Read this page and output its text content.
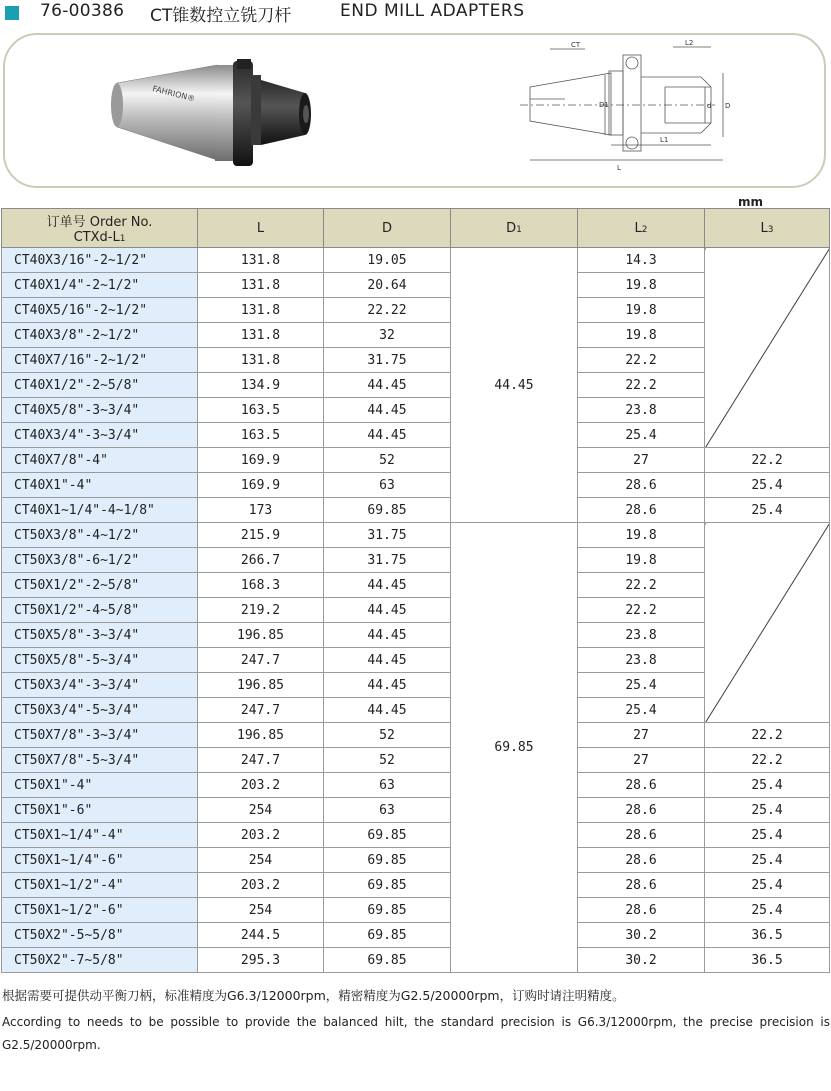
76-00386 CT锥数控立铣刀杆	END MILL ADAPTERS
FAHRION®
CT	L2
D1	d D
L1
L
mm
订单号 Order No.
CTXd-L1	L	D	D1	L2	L3
CT40X3/16"-2~1/2"	131.8	19.05	44.45	14.3	
CT40X1/4"-2~1/2"	131.8	20.64		19.8	
CT40X5/16"-2~1/2"	131.8	22.22		19.8	
CT40X3/8"-2~1/2"	131.8	32		19.8	
CT40X7/16"-2~1/2"	131.8	31.75		22.2	
CT40X1/2"-2~5/8"	134.9	44.45		22.2	
CT40X5/8"-3~3/4"	163.5	44.45		23.8	
CT40X3/4"-3~3/4"	163.5	44.45		25.4	
CT40X7/8"-4"	169.9	52		27	22.2
CT40X1"-4"	169.9	63		28.6	25.4
CT40X1~1/4"-4~1/8"	173	69.85		28.6	25.4
CT50X3/8"-4~1/2"	215.9	31.75	69.85	19.8	
CT50X3/8"-6~1/2"	266.7	31.75		19.8	
CT50X1/2"-2~5/8"	168.3	44.45		22.2	
CT50X1/2"-4~5/8"	219.2	44.45		22.2	
CT50X5/8"-3~3/4"	196.85	44.45		23.8	
CT50X5/8"-5~3/4"	247.7	44.45		23.8	
CT50X3/4"-3~3/4"	196.85	44.45		25.4	
CT50X3/4"-5~3/4"	247.7	44.45		25.4	
CT50X7/8"-3~3/4"	196.85	52		27	22.2
CT50X7/8"-5~3/4"	247.7	52		27	22.2
CT50X1"-4"	203.2	63		28.6	25.4
CT50X1"-6"	254	63		28.6	25.4
CT50X1~1/4"-4"	203.2	69.85		28.6	25.4
CT50X1~1/4"-6"	254	69.85		28.6	25.4
CT50X1~1/2"-4"	203.2	69.85		28.6	25.4
CT50X1~1/2"-6"	254	69.85		28.6	25.4
CT50X2"-5~5/8"	244.5	69.85		30.2	36.5
CT50X2"-7~5/8"	295.3	69.85		30.2	36.5
根据需要可提供动平衡刀柄，标准精度为G6.3/12000rpm，精密精度为G2.5/20000rpm，订购时请注明精度。
According to needs to be possible to provide the balanced hilt, the standard precision is G6.3/12000rpm, the precise precision is G2.5/20000rpm.
